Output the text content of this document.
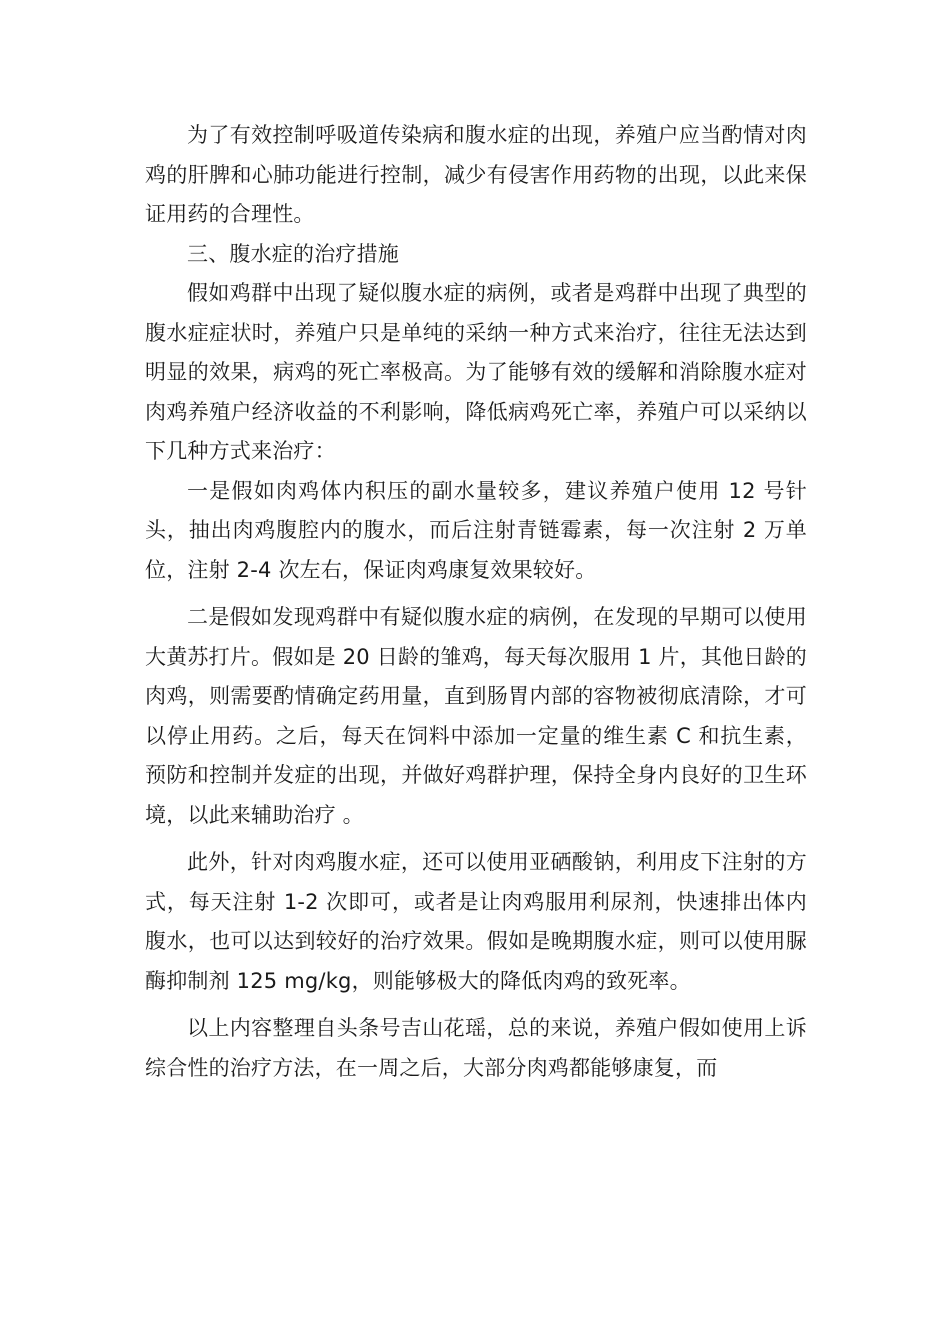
为了有效控制呼吸道传染病和腹水症的出现，养殖户应当酌情对肉鸡的肝脾和心肺功能进行控制，减少有侵害作用药物的出现，以此来保证用药的合理性。

三、腹水症的治疗措施

假如鸡群中出现了疑似腹水症的病例，或者是鸡群中出现了典型的腹水症症状时，养殖户只是单纯的采纳一种方式来治疗，往往无法达到明显的效果，病鸡的死亡率极高。为了能够有效的缓解和消除腹水症对肉鸡养殖户经济收益的不利影响，降低病鸡死亡率，养殖户可以采纳以下几种方式来治疗：

一是假如肉鸡体内积压的副水量较多，建议养殖户使用 12 号针头，抽出肉鸡腹腔内的腹水，而后注射青链霉素，每一次注射 2 万单位，注射 2-4 次左右，保证肉鸡康复效果较好。

二是假如发现鸡群中有疑似腹水症的病例，在发现的早期可以使用大黄苏打片。假如是 20 日龄的雏鸡，每天每次服用 1 片，其他日龄的肉鸡，则需要酌情确定药用量，直到肠胃内部的容物被彻底清除，才可以停止用药。之后，每天在饲料中添加一定量的维生素 C 和抗生素，预防和控制并发症的出现，并做好鸡群护理，保持全身内良好的卫生环境，以此来辅助治疗 。

此外，针对肉鸡腹水症，还可以使用亚硒酸钠，利用皮下注射的方式，每天注射 1-2 次即可，或者是让肉鸡服用利尿剂，快速排出体内腹水，也可以达到较好的治疗效果。假如是晚期腹水症，则可以使用脲酶抑制剂 125 mg/kg，则能够极大的降低肉鸡的致死率。

以上内容整理自头条号吉山花瑶，总的来说，养殖户假如使用上诉综合性的治疗方法，在一周之后，大部分肉鸡都能够康复，而
